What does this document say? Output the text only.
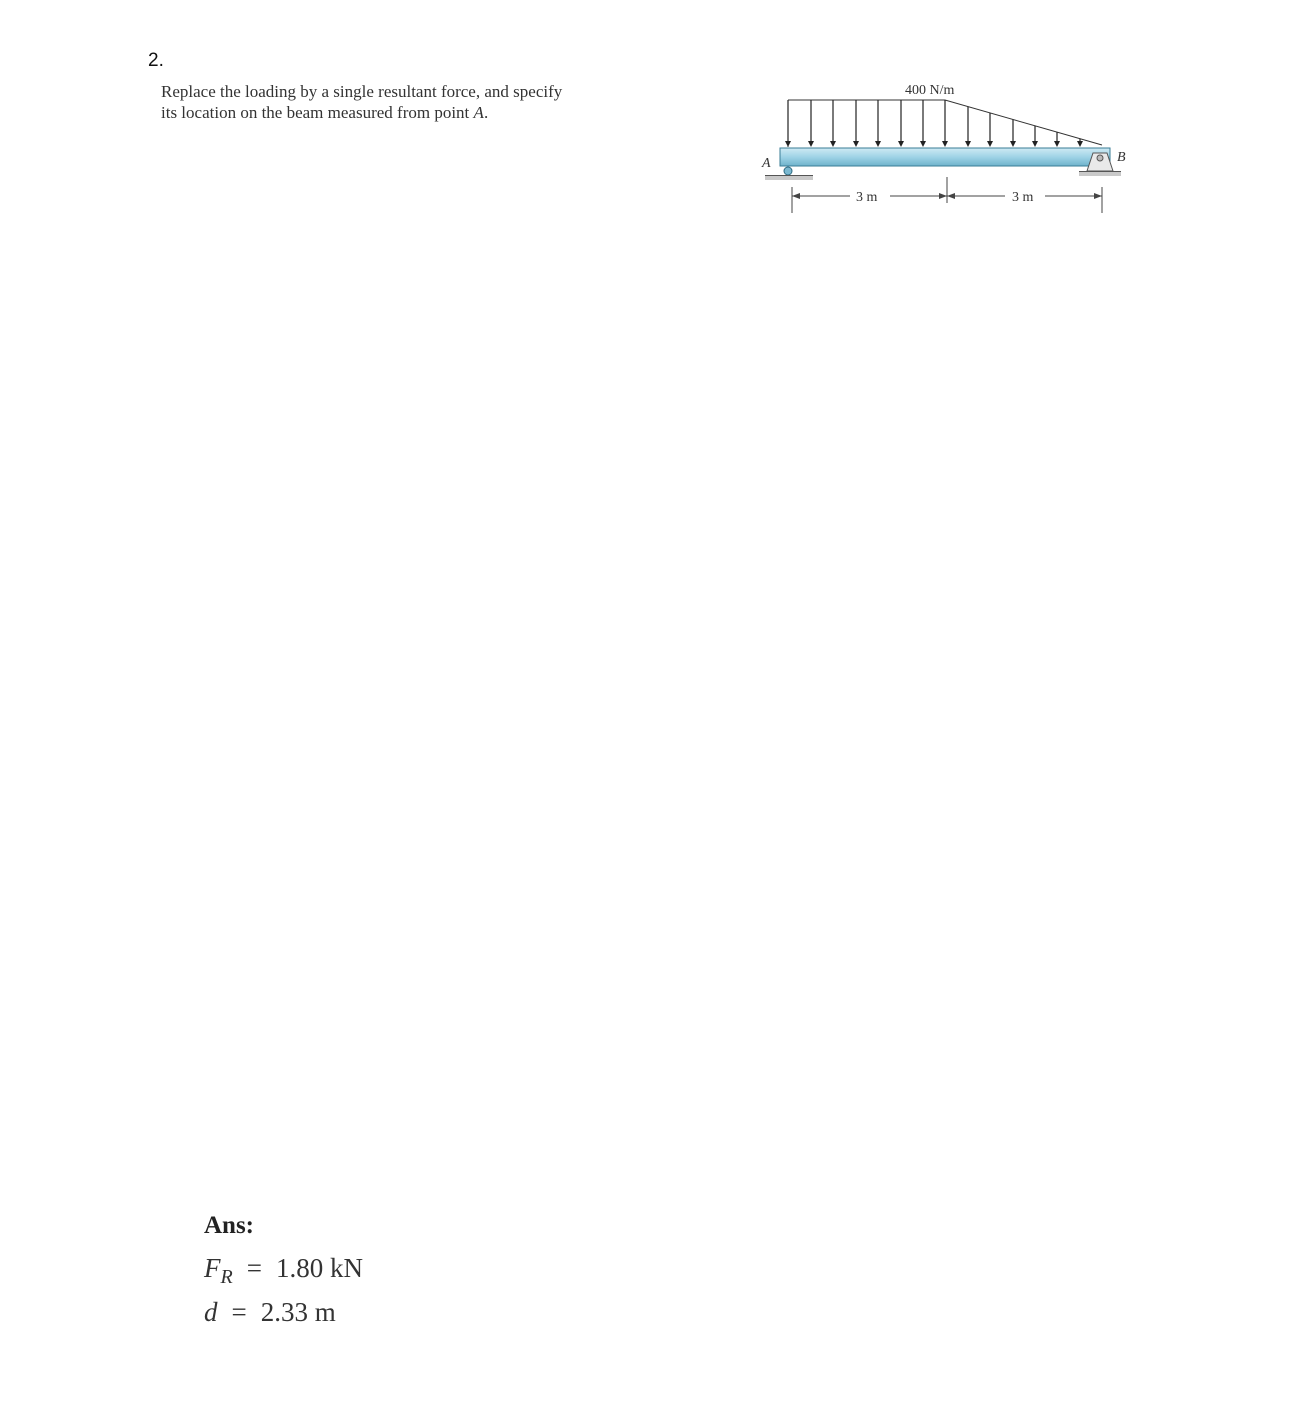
2.
Replace the loading by a single resultant force, and specify
its location on the beam measured from point A.
400 N/m
A	B
3 m	3 m
Ans:
$F_R = 1.80$ kN
d = 2.33 m
